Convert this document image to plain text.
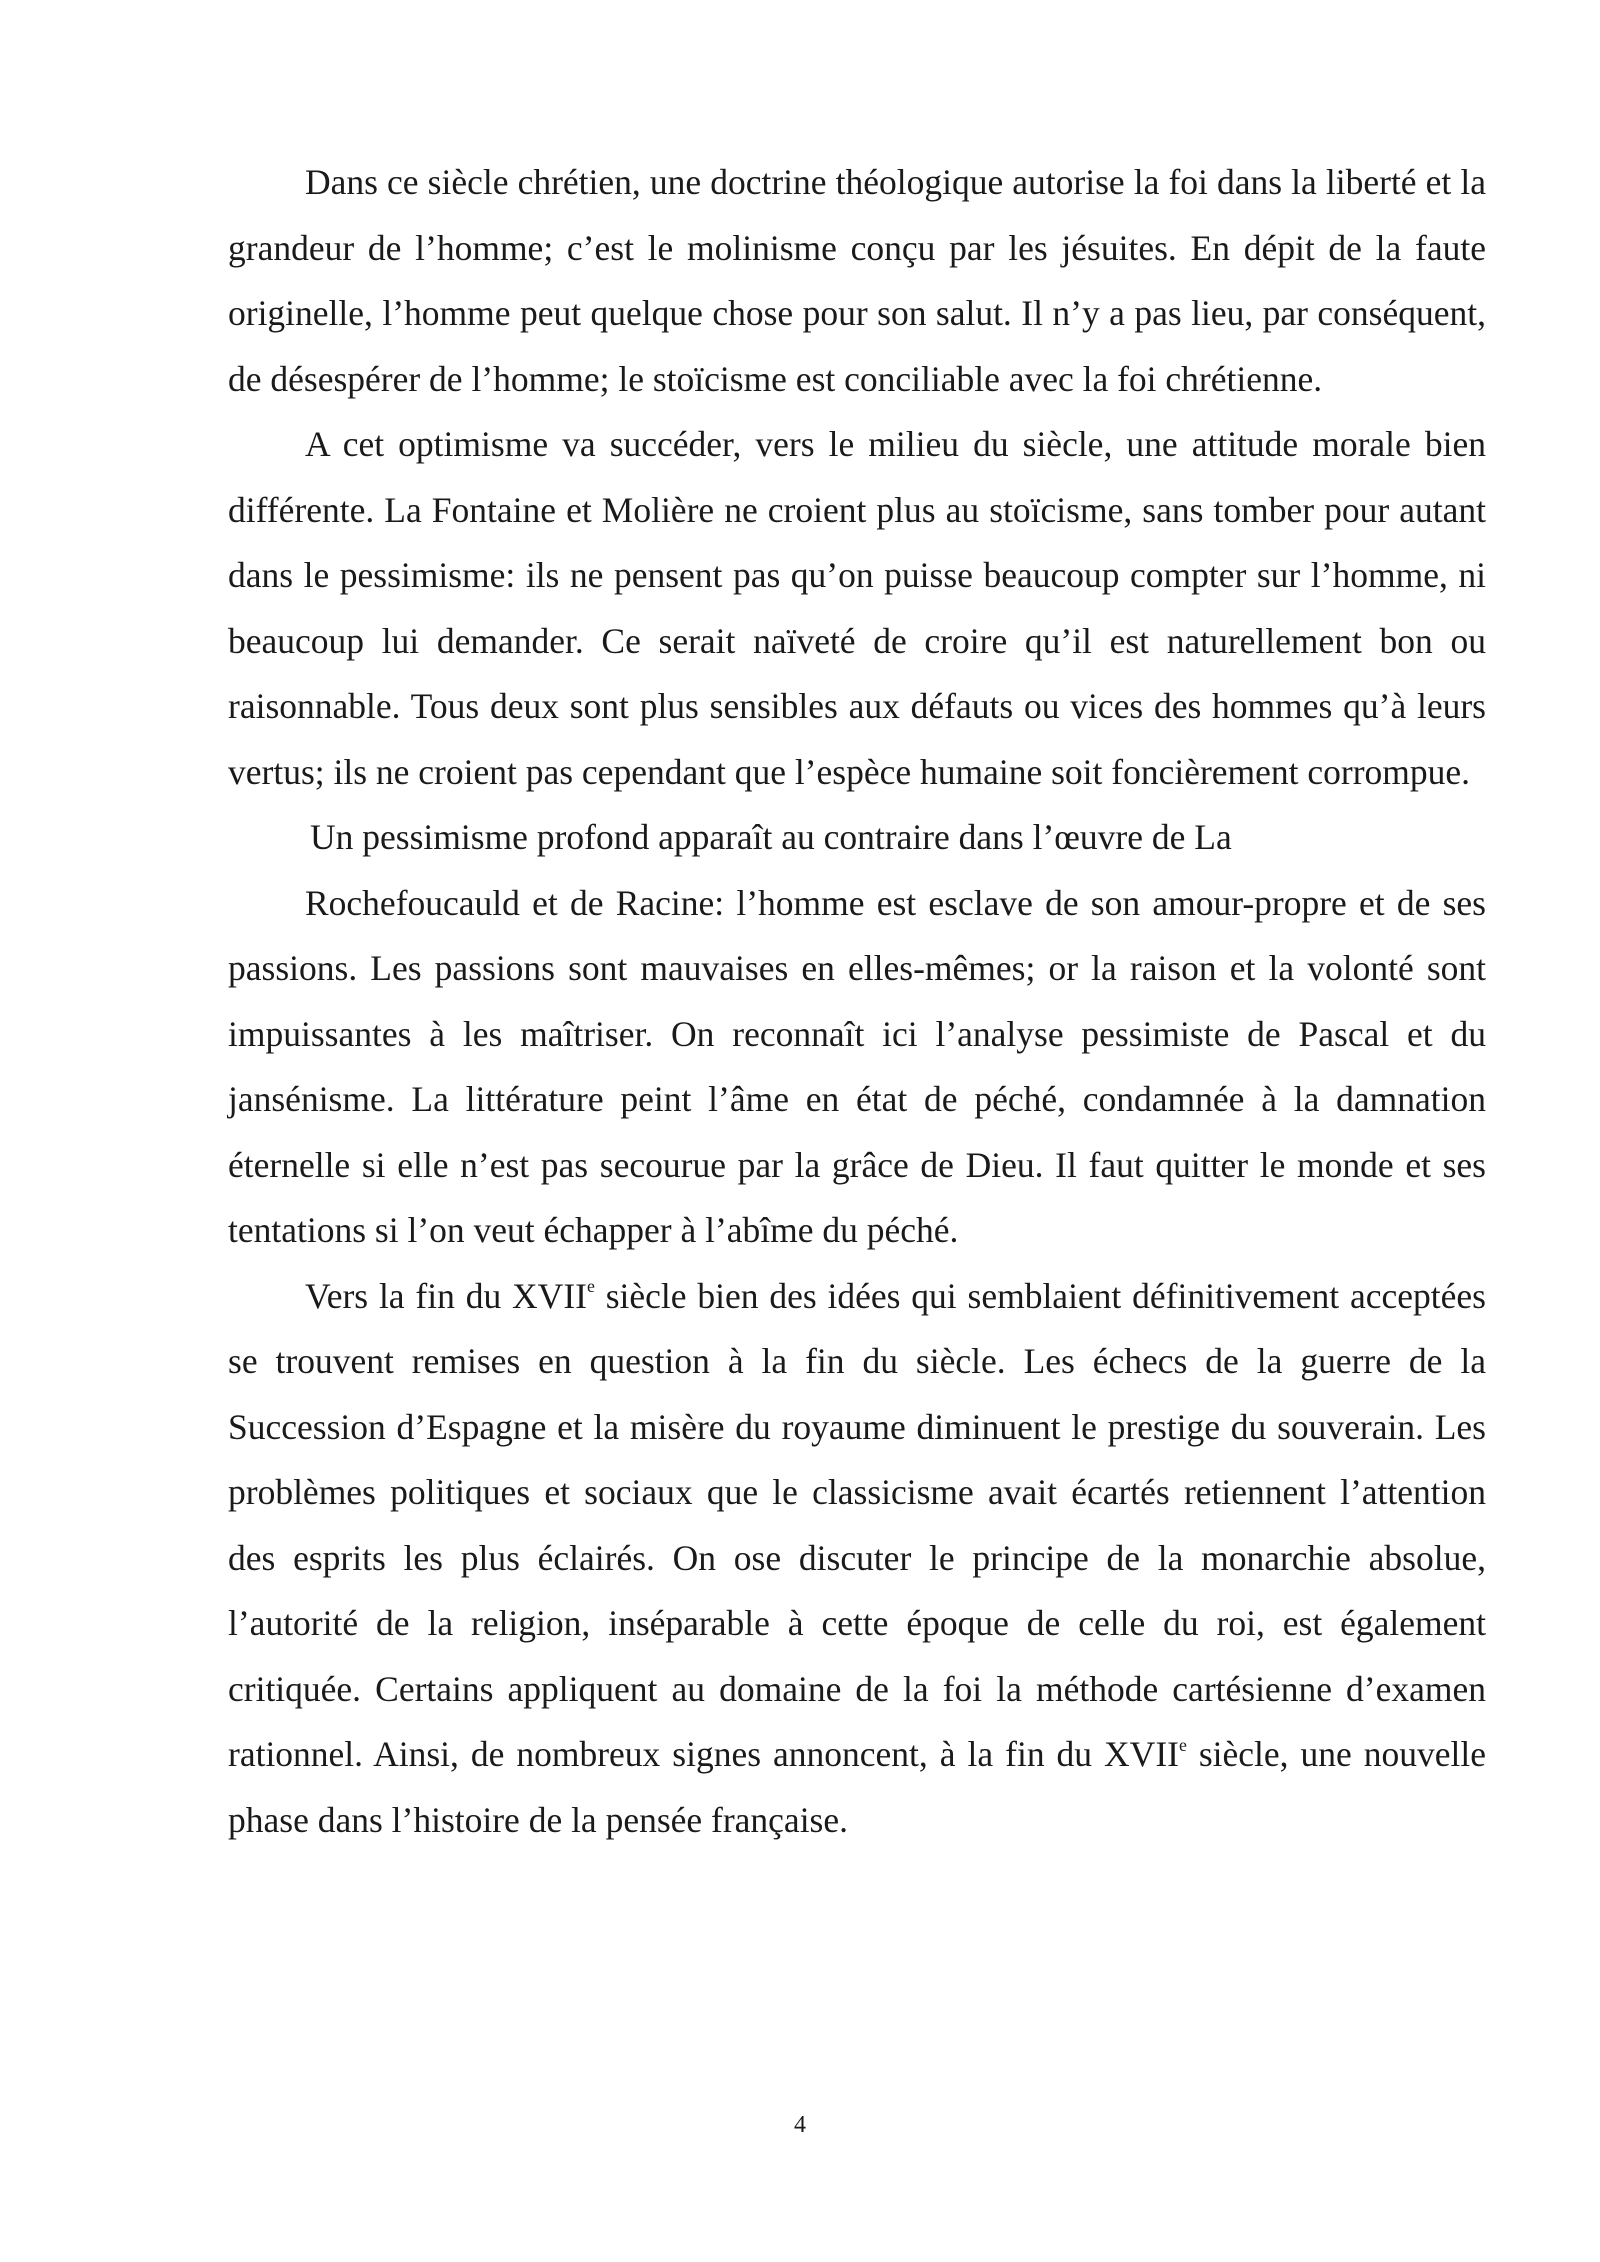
Dans ce siècle chrétien, une doctrine théologique autorise la foi dans la liberté et la grandeur de l’homme; c’est le molinisme conçu par les jésuites. En dépit de la faute originelle, l’homme peut quelque chose pour son salut. Il n’y a pas lieu, par conséquent, de désespérer de l’homme; le stoïcisme est conciliable avec la foi chrétienne.

A cet optimisme va succéder, vers le milieu du siècle, une attitude morale bien différente. La Fontaine et Molière ne croient plus au stoïcisme, sans tomber pour autant dans le pessimisme: ils ne pensent pas qu’on puisse beaucoup compter sur l’homme, ni beaucoup lui demander. Ce serait naïveté de croire qu’il est naturellement bon ou raisonnable. Tous deux sont plus sensibles aux défauts ou vices des hommes qu’à leurs vertus; ils ne croient pas cependant que l’espèce humaine soit foncièrement corrompue.

Un pessimisme profond apparaît au contraire dans l’œuvre de La

Rochefoucauld et de Racine: l’homme est esclave de son amour-propre et de ses passions. Les passions sont mauvaises en elles-mêmes; or la raison et la volonté sont impuissantes à les maîtriser. On reconnaît ici l’analyse pessimiste de Pascal et du jansénisme. La littérature peint l’âme en état de péché, condamnée à la damnation éternelle si elle n’est pas secourue par la grâce de Dieu. Il faut quitter le monde et ses tentations si l’on veut échapper à l’abîme du péché.

Vers la fin du XVIIe siècle bien des idées qui semblaient définitivement acceptées se trouvent remises en question à la fin du siècle. Les échecs de la guerre de la Succession d’Espagne et la misère du royaume diminuent le prestige du souverain. Les problèmes politiques et sociaux que le classicisme avait écartés retiennent l’attention des esprits les plus éclairés. On ose discuter le principe de la monarchie absolue, l’autorité de la religion, inséparable à cette époque de celle du roi, est également critiquée. Certains appliquent au domaine de la foi la méthode cartésienne d’examen rationnel. Ainsi, de nombreux signes annoncent, à la fin du XVIIe siècle, une nouvelle phase dans l’histoire de la pensée française.

4
